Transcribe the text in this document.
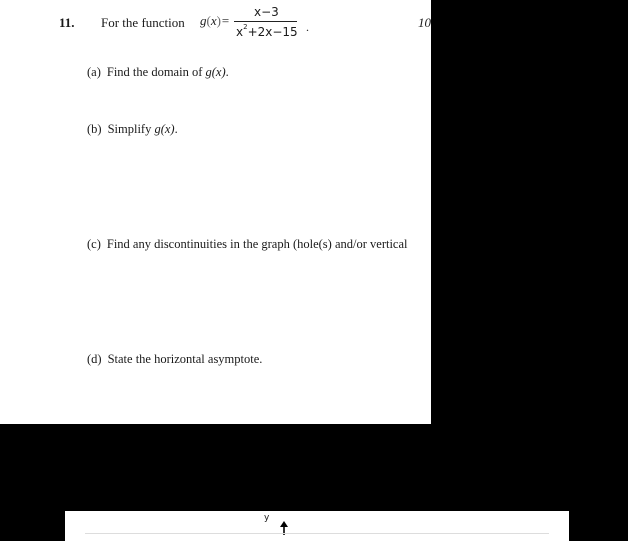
11. For the function g(x)=
x−3
$x^2+2x-15$ .	10
(a) Find the domain of g(x).
(b) Simplify g(x).
(c) Find any discontinuities in the graph (hole(s) and/or vertical
(d) State the horizontal asymptote.
y
